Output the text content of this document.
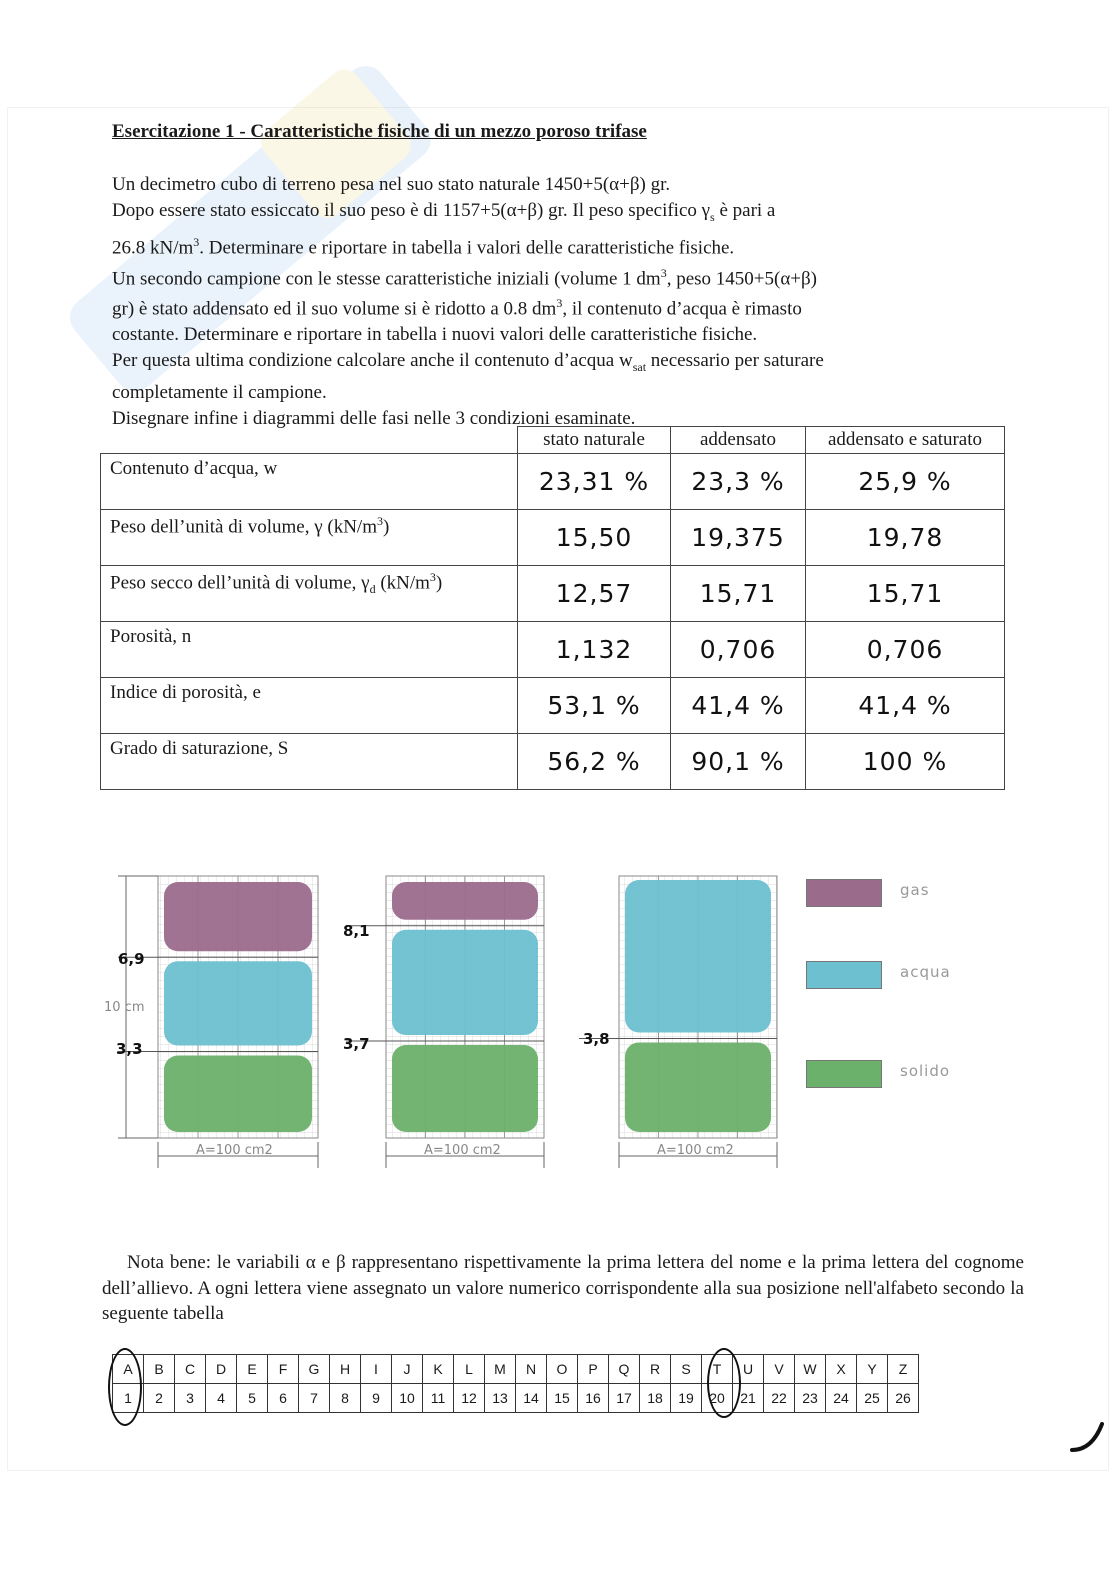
Esercitazione 1 - Caratteristiche fisiche di un mezzo poroso trifase
Un decimetro cubo di terreno pesa nel suo stato naturale 1450+5(α+β) gr.
Dopo essere stato essiccato il suo peso è di 1157+5(α+β) gr. Il peso specifico $\gamma_s$ è pari a
26.8 $kN/m^3$. Determinare e riportare in tabella i valori delle caratteristiche fisiche.
Un secondo campione con le stesse caratteristiche iniziali (volume 1 $dm^3$, peso 1450+5(α+β)
gr) è stato addensato ed il suo volume si è ridotto a 0.8 $dm^3$, il contenuto d’acqua è rimasto
costante. Determinare e riportare in tabella i nuovi valori delle caratteristiche fisiche.
Per questa ultima condizione calcolare anche il contenuto d’acqua $w_{sat}$ necessario per saturare
completamente il campione.
Disegnare infine i diagrammi delle fasi nelle 3 condizioni esaminate.
	stato naturale	addensato	addensato e saturato
Contenuto d’acqua, w	23,31 %	23,3 %	25,9 %
Peso dell’unità di volume, γ $(kN/m^3)$	15,50	19,375	19,78
Peso secco dell’unità di volume, $\gamma_d$ $(kN/m^3)$	12,57	15,71	15,71
Porosità, n	1,132	0,706	0,706
Indice di porosità, e	53,1 %	41,4 %	41,4 %
Grado di saturazione, S	56,2 %	90,1 %	100 %
10 cm
A=100 cm2	A=100 cm2	A=100 cm2
6,9
3,3
8,1
3,7	3,8
gas
acqua
solido
Nota bene: le variabili α e β rappresentano rispettivamente la prima lettera del nome e la prima lettera del cognome dell’allievo. A ogni lettera viene assegnato un valore numerico corrispondente alla sua posizione nell'alfabeto secondo la seguente tabella
A	B	C	D	E	F	G	H	I	J	K	L	M	N	O	P	Q	R	S	T	U	V	W	X	Y	Z
1	2	3	4	5	6	7	8	9	10	11	12	13	14	15	16	17	18	19	20	21	22	23	24	25	26
